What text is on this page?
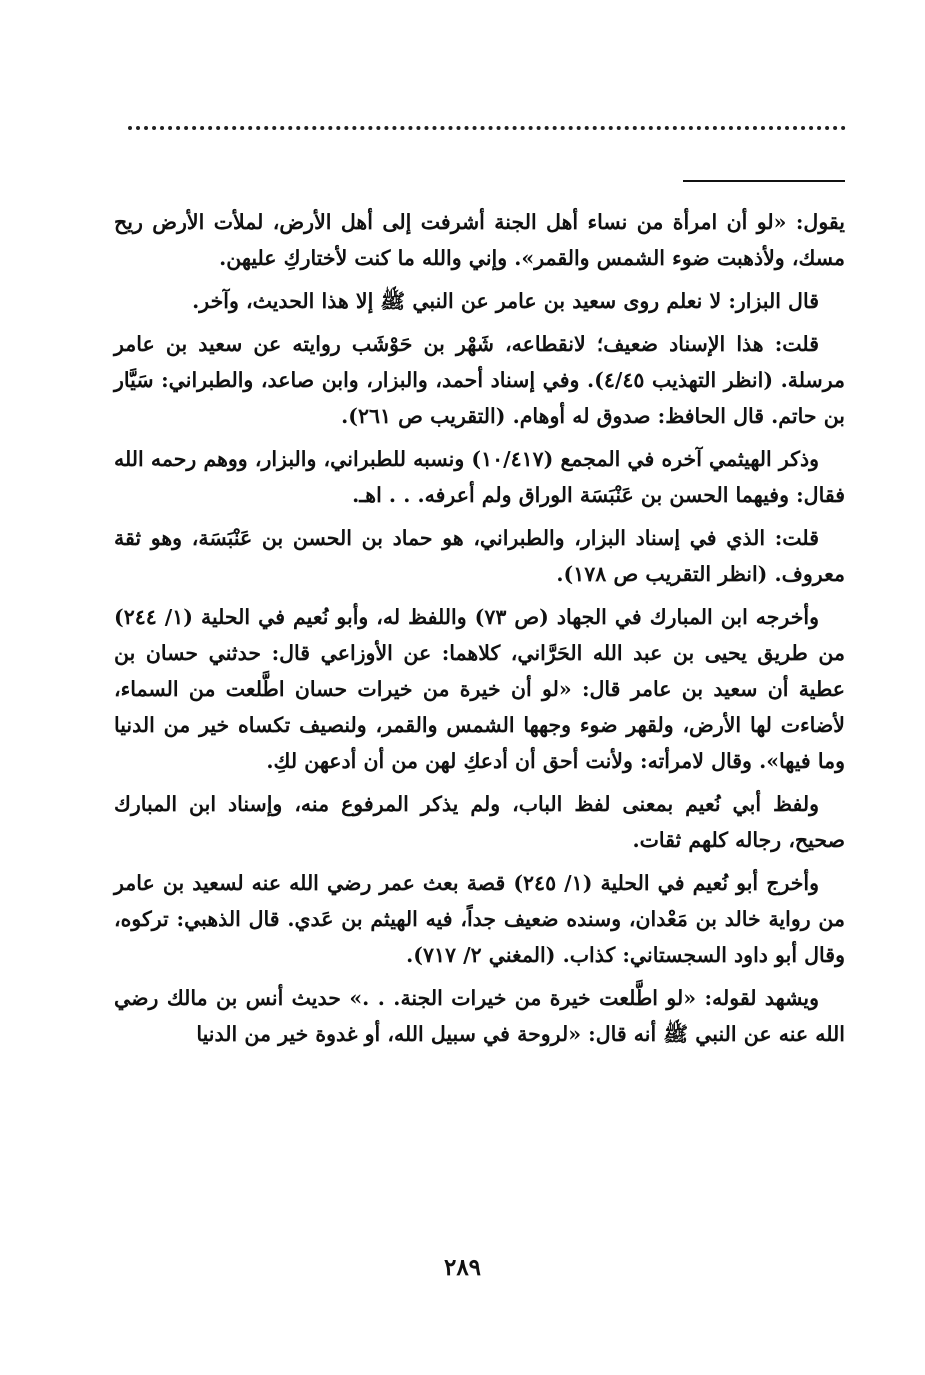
يقول: «لو أن امرأة من نساء أهل الجنة أشرفت إلى أهل الأرض، لملأت الأرض ريح مسك، ولأذهبت ضوء الشمس والقمر». وإني والله ما كنت لأختاركِ عليهن.

قال البزار: لا نعلم روى سعيد بن عامر عن النبي ﷺ إلا هذا الحديث، وآخر.

قلت: هذا الإسناد ضعيف؛ لانقطاعه، شَهْر بن حَوْشَب روايته عن سعيد بن عامر مرسلة. (انظر التهذيب ٤/٤٥). وفي إسناد أحمد، والبزار، وابن صاعد، والطبراني: سَيَّار بن حاتم. قال الحافظ: صدوق له أوهام. (التقريب ص ٢٦١).

وذكر الهيثمي آخره في المجمع (١٠/٤١٧) ونسبه للطبراني، والبزار، ووهم رحمه الله فقال: وفيهما الحسن بن عَنْبَسَة الوراق ولم أعرفه. . . اهـ.

قلت: الذي في إسناد البزار، والطبراني، هو حماد بن الحسن بن عَنْبَسَة، وهو ثقة معروف. (انظر التقريب ص ١٧٨).

وأخرجه ابن المبارك في الجهاد (ص ٧٣) واللفظ له، وأبو نُعيم في الحلية (١/ ٢٤٤) من طريق يحيى بن عبد الله الحَرَّاني، كلاهما: عن الأوزاعي قال: حدثني حسان بن عطية أن سعيد بن عامر قال: «لو أن خيرة من خيرات حسان اطَّلعت من السماء، لأضاءت لها الأرض، ولقهر ضوء وجهها الشمس والقمر، ولنصيف تكساه خير من الدنيا وما فيها». وقال لامرأته: ولأنت أحق أن أدعكِ لهن من أن أدعهن لكِ.

ولفظ أبي نُعيم بمعنى لفظ الباب، ولم يذكر المرفوع منه، وإسناد ابن المبارك صحيح، رجاله كلهم ثقات.

وأخرج أبو نُعيم في الحلية (١/ ٢٤٥) قصة بعث عمر رضي الله عنه لسعيد بن عامر من رواية خالد بن مَعْدان، وسنده ضعيف جداً، فيه الهيثم بن عَدي. قال الذهبي: تركوه، وقال أبو داود السجستاني: كذاب. (المغني ٢/ ٧١٧).

ويشهد لقوله: «لو اطَّلعت خيرة من خيرات الجنة. . .» حديث أنس بن مالك رضي الله عنه عن النبي ﷺ أنه قال: «لروحة في سبيل الله، أو غدوة خير من الدنيا

٢٨٩
